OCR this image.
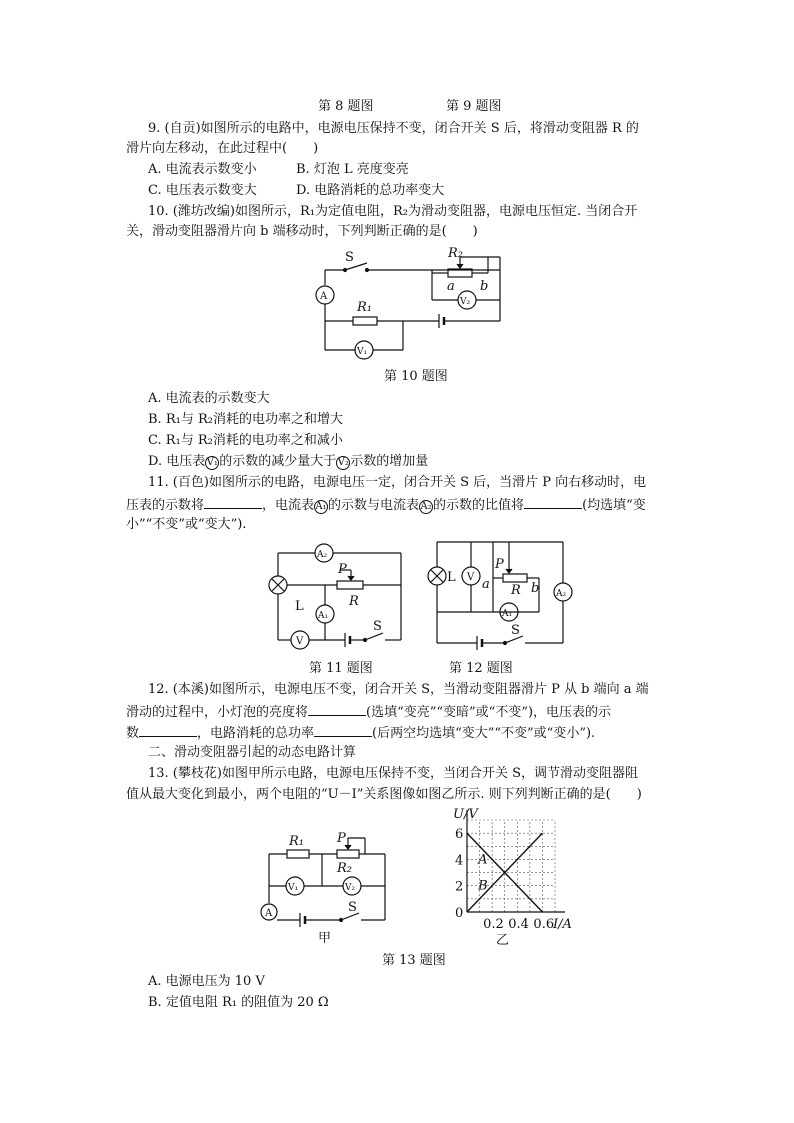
第 8 题图	第 9 题图
9. (自贡)如图所示的电路中，电源电压保持不变，闭合开关 S 后，将滑动变阻器 R 的
滑片向左移动，在此过程中(　　)
A. 电流表示数变小	B. 灯泡 L 亮度变亮
C. 电压表示数变大	D. 电路消耗的总功率变大
10. (潍坊改编)如图所示，R₁为定值电阻，R₂为滑动变阻器，电源电压恒定. 当闭合开
关，滑动变阻器滑片向 b 端移动时，下列判断正确的是(　　)
S
A
R₂
a b
V₂
R₁
V₁
第 10 题图
A. 电流表的示数变大
B. R₁与 R₂消耗的电功率之和增大
C. R₁与 R₂消耗的电功率之和减小
D. 电压表V₁的示数的减少量大于V₂示数的增加量
11. (百色)如图所示的电路，电源电压一定，闭合开关 S 后，当滑片 P 向右移动时，电
压表的示数将	，电流表A₁的示数与电流表A₂的示数的比值将	(均选填“变
小”“不变”或“变大”).
A₂
L
P
R
A₁
V
S
第 11 题图
L V
P
a R b
A₁
A₂
S
第 12 题图
12. (本溪)如图所示，电源电压不变，闭合开关 S，当滑动变阻器滑片 P 从 b 端向 a 端
滑动的过程中，小灯泡的亮度将	(选填“变亮”“变暗”或“不变”)，电压表的示
数	，电路消耗的总功率	(后两空均选填“变大”“不变”或“变小”).
二、滑动变阻器引起的动态电路计算
13. (攀枝花)如图甲所示电路，电源电压保持不变，当闭合开关 S，调节滑动变阻器阻
值从最大变化到最小，两个电阻的“U－I”关系图像如图乙所示. 则下列判断正确的是(　　)
R₁
R₂
P
V₁	V₂
A	S
甲
2
4
6
0.2 0.4 0.6
U/V
I/A
0
A
B
乙
第 13 题图
A. 电源电压为 10 V
B. 定值电阻 R₁ 的阻值为 20 Ω
